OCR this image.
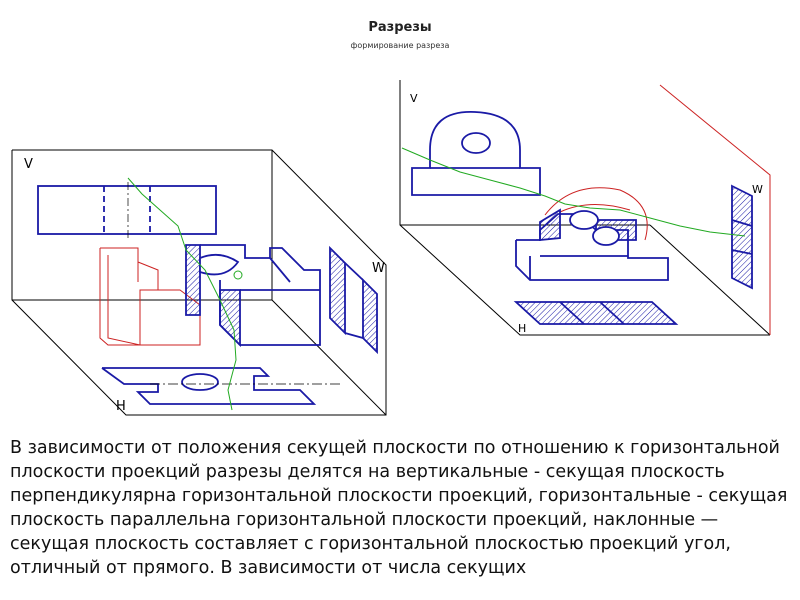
Разрезы
формирование разреза
V
W
H
V
W
H

В зависимости от положения секущей плоскости по отношению к горизонтальной плоскости проекций разрезы делятся на вертикальные - секущая плоскость перпендикулярна горизонтальной плоскости проекций, горизонтальные - секущая плоскость параллельна горизонтальной плоскости проекций, наклонные — секущая плоскость составляет с горизонтальной плоскостью проекций угол, отличный от прямого. В зависимости от числа секущих
